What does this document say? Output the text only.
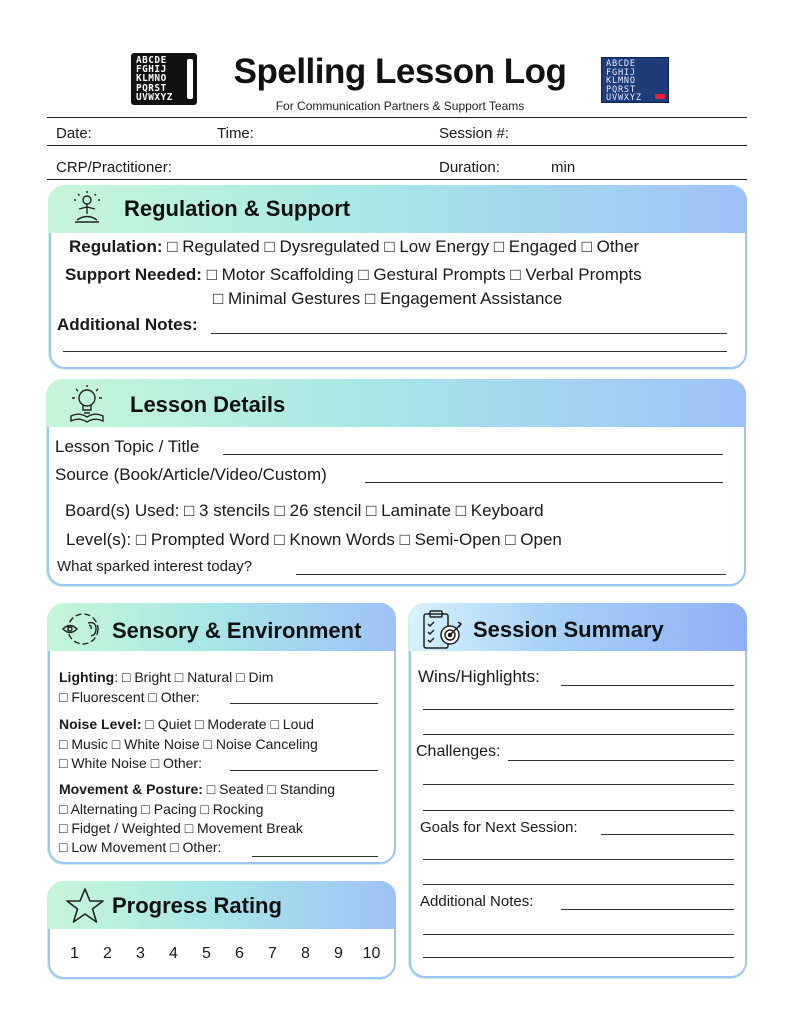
ABCDE
FGHIJ
KLMNO
PQRST
UVWXYZ
Spelling Lesson Log
For Communication Partners & Support Teams
ABCDE
FGHIJ
KLMNO
PQRST
UVWXYZ
Date:	Time:	Session #:
CRP/Practitioner:	Duration:	min
Regulation & Support
Regulation: □ Regulated □ Dysregulated □ Low Energy □ Engaged □ Other
Support Needed: □ Motor Scaffolding □ Gestural Prompts □ Verbal Prompts
□ Minimal Gestures □ Engagement Assistance
Additional Notes:
Lesson Details
Lesson Topic / Title
Source (Book/Article/Video/Custom)
Board(s) Used: □ 3 stencils □ 26 stencil □ Laminate □ Keyboard
Level(s): □ Prompted Word □ Known Words □ Semi-Open □ Open
What sparked interest today?
Sensory & Environment
Lighting: □ Bright □ Natural □ Dim
□ Fluorescent □ Other:
Noise Level: □ Quiet □ Moderate □ Loud
□ Music □ White Noise □ Noise Canceling
□ White Noise □ Other:
Movement & Posture: □ Seated □ Standing
□ Alternating □ Pacing □ Rocking
□ Fidget / Weighted □ Movement Break
□ Low Movement □ Other:
Session Summary
Wins/Highlights:
Challenges:
Goals for Next Session:
Additional Notes:
Progress Rating
1 2 3 4 5 6 7 8 9 10
